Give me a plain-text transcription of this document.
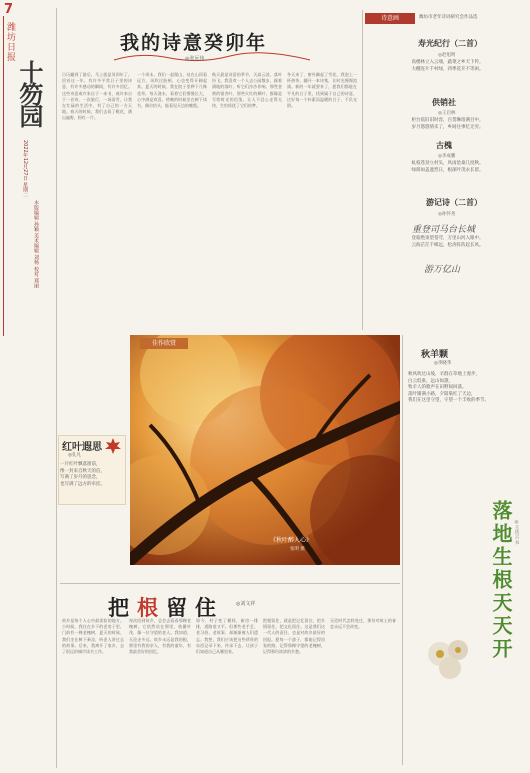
7
潍坊日报
十笏园
2022年12月27日 星期二
本版编辑 孙颖 美术编辑 刘杨 校对 郑丽
我的诗意癸卯年
◎张远伟
日历翻到了最后，马上就是癸卯年了。回首这一年，有许多平常日子里的诗意，有许多感动的瞬间，有许多回忆。这些诗意或许来自于一本书，或许来自于一首诗，一次旅行，一场雨雪，让我在忙碌的生活中，有了自己的一方天地。春天的时候，我们去看了桃花，满山遍野，粉红一片。
一个周末，我们一起爬山，站在山顶看远方，风吹过脸颊，心也变得开阔起来。夏天的时候，我在院子里种下几株花草，每天浇水，看着它们慢慢长大，心中满是欢喜。傍晚的时候坐在树下读书，偶尔抬头，能看见天边的晚霞。
秋天最是诗意的季节，天高云淡，落叶纷飞。我喜欢一个人去公园散步，踩着满地的落叶，听它们沙沙作响。那些金黄的银杏叶，那些火红的枫叶，都像是写给时光的信笺，让人不忍心走得太快，生怕惊扰了它们的梦。
冬天来了，窗外飘起了雪花，我泡上一杯热茶，翻开一本诗集，让时光慢慢流淌。新的一年就要来了，愿我们都能在平凡的日子里，找到属于自己的诗意，过好每一个朴素而温暖的日子，不负光阴。
诗意画	潍坊市老年诗词研究会作品选
寿光纪行（二首）
◎赵旭明
高楼林立入云端，蔬菜之乡天下传。
大棚连片千村绿，四季花开不等闲。
供销社
◎王启林
柜台依旧旧时容，百货琳琅满目中。
岁月悠悠情未了，乡间往事忆无穷。
古槐
◎李成鹏
虬枝苍劲立村头，风雨沧桑几度秋。
绿荫如盖遮烈日，根深叶茂永长留。
游记诗（二首）
◎孙怀尧
重登司马台长城
登临绝顶望苍穹，万里山河入眼中。
云海茫茫千嶂远，松涛阵阵起长风。
游万亿山
佳作欣赏
《秋叶醉人心》
张明 摄
红叶遐思
◎孔凡
一片红叶飘落窗前，
像一封来自秋天的信，
写满了岁月的思念，
也写满了远方的牵挂。
秋羊颗
◎李晓华
秋风吹过山坡，羊群在草地上漫步，
白云低垂，远山如黛，
牧羊人的歌声在田野间回荡。
落叶铺满小路，夕阳染红了天边，
我们在这里守望，守望一个丰收的季节。
落地生根天天开 ◎王庆云 书
把根留住 ◎刘文祥
故乡是每个人心中最柔软的地方。小时候，我住在乡下的老房子里，门前有一棵老槐树，夏天的时候，我们坐在树下乘凉，听老人讲过去的故事。后来，我离开了家乡，去了很远的城市读书工作。
每次回到故乡，总会去看看那棵老槐树。它依然站在那里，枝繁叶茂，像一位守望的老人。我知道，无论走多远，故乡永远是我的根，那里有我的亲人，有我的童年，有我最美好的回忆。
如今，村子变了模样，新房一排排，道路宽又平。但那些老手艺、老习俗、老故事，却渐渐被人们遗忘。我想，我们应该把这些珍贵的东西记录下来，传承下去，让孩子们知道自己从哪里来。
把根留住，就是把记忆留住，把乡情留住，把文化留住。这是我们这一代人的责任，也是对故乡最好的回报。愿每一个游子，都能记得回家的路，记得那棵守望的老槐树，记得那份浓浓的乡愁。
无论时代怎样变迁，那份对故土的眷恋永远不会改变。
